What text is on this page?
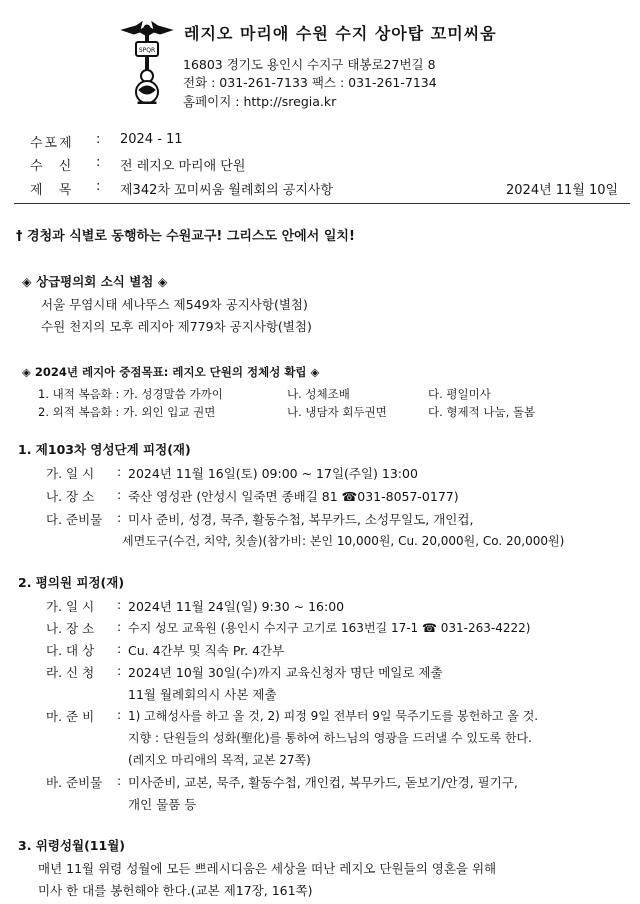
SPQR
레지오 마리애 수원 수지 상아탑 꼬미씨움
16803 경기도 용인시 수지구 태봉로27번길 8
전화 : 031-261-7133 팩스 : 031-261-7134
홈페이지 : http://sregia.kr
수포제 : 2024 - 11
수 신 : 전 레지오 마리애 단원
제 목 : 제342차 꼬미씨움 월례회의 공지사항	2024년 11월 10일
† 경청과 식별로 동행하는 수원교구! 그리스도 안에서 일치!
◈ 상급평의회 소식 별첨 ◈
서울 무염시태 세나뚜스 제549차 공지사항(별첨)
수원 천지의 모후 레지아 제779차 공지사항(별첨)
◈ 2024년 레지아 중점목표: 레지오 단원의 정체성 확립 ◈
1. 내적 복음화 : 가. 성경말씀 가까이	나. 성체조배	다. 평일미사
2. 외적 복음화 : 가. 외인 입교 권면	나. 냉담자 회두권면	다. 형제적 나눔, 돌봄
1. 제103차 영성단계 피정(재)
가. 일 시 : 2024년 11월 16일(토) 09:00 ~ 17일(주일) 13:00
나. 장 소 : 죽산 영성관 (안성시 일죽면 종배길 81 ☎031-8057-0177)
다. 준비물 : 미사 준비, 성경, 묵주, 활동수첩, 복무카드, 소성무일도, 개인컵,
세면도구(수건, 치약, 칫솔)(참가비: 본인 10,000원, Cu. 20,000원, Co. 20,000원)
2. 평의원 피정(재)
가. 일 시 : 2024년 11월 24일(일) 9:30 ~ 16:00
나. 장 소 : 수지 성모 교육원 (용인시 수지구 고기로 163번길 17-1 ☎ 031-263-4222)
다. 대 상 : Cu. 4간부 및 직속 Pr. 4간부
라. 신 청 : 2024년 10월 30일(수)까지 교육신청자 명단 메일로 제출
11월 월례회의시 사본 제출
마. 준 비 : 1) 고해성사를 하고 올 것, 2) 피정 9일 전부터 9일 묵주기도를 봉헌하고 올 것.
지향 : 단원들의 성화(聖化)를 통하여 하느님의 영광을 드러낼 수 있도록 한다.
(레지오 마리애의 목적, 교본 27쪽)
바. 준비물 : 미사준비, 교본, 묵주, 활동수첩, 개인컵, 복무카드, 돋보기/안경, 필기구,
개인 물품 등
3. 위령성월(11월)
매년 11월 위령 성월에 모든 쁘레시디움은 세상을 떠난 레지오 단원들의 영혼을 위해
미사 한 대를 봉헌해야 한다.(교본 제17장, 161쪽)
